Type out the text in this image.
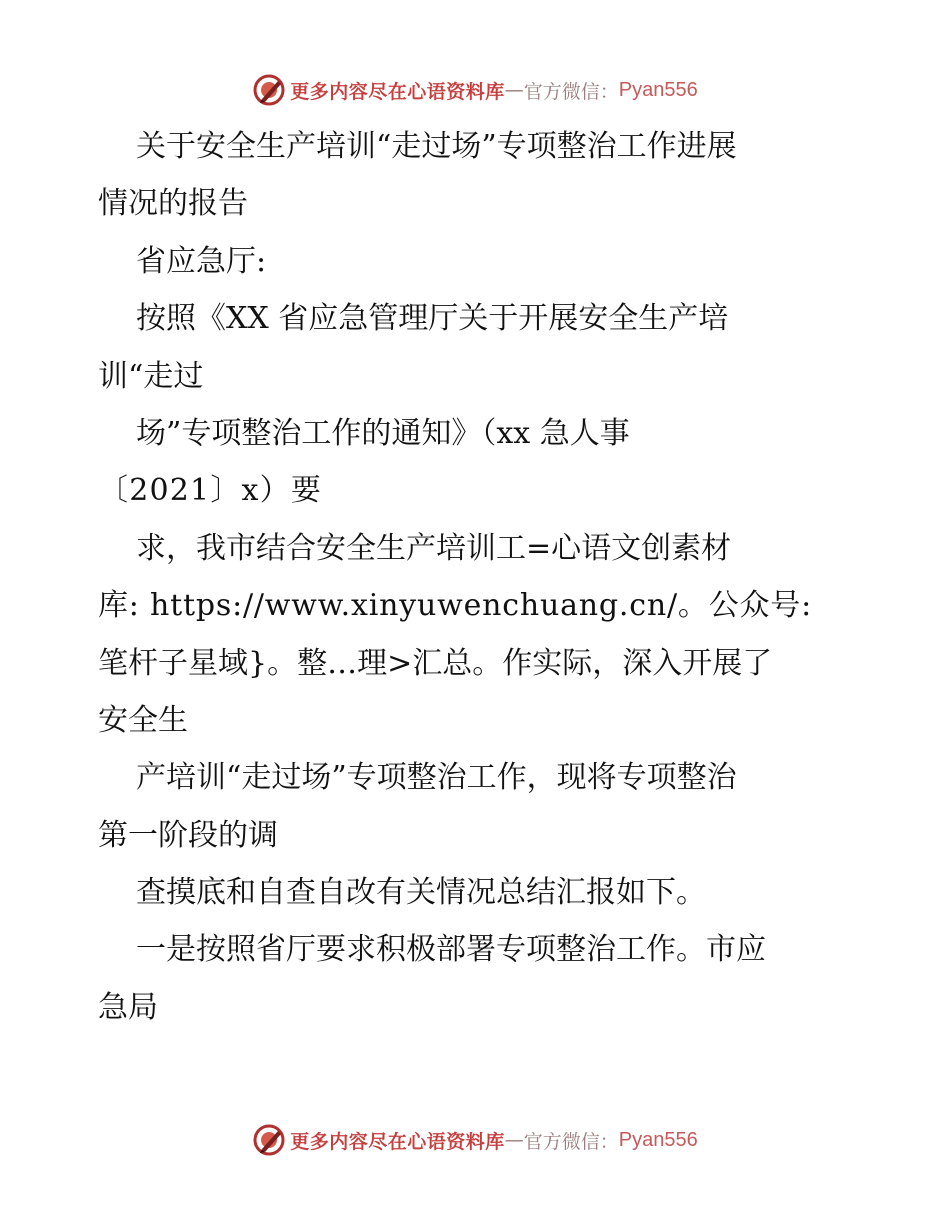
更多内容尽在心语资料库 — 官方微信： Pyan556
关于安全生产培训“走过场”专项整治工作进展
情况的报告
省应急厅:
按照《XX 省应急管理厅关于开展安全生产培
训“走过
场”专项整治工作的通知》（xx 急人事
〔2021〕x）要
求，我市结合安全生产培训工=心语文创素材
库: https://www.xinyuwenchuang.cn/。公众号:
笔杆子星域}。整…理>汇总。作实际，深入开展了
安全生
产培训“走过场”专项整治工作，现将专项整治
第一阶段的调
查摸底和自查自改有关情况总结汇报如下。
一是按照省厅要求积极部署专项整治工作。市应
急局
更多内容尽在心语资料库 — 官方微信： Pyan556
